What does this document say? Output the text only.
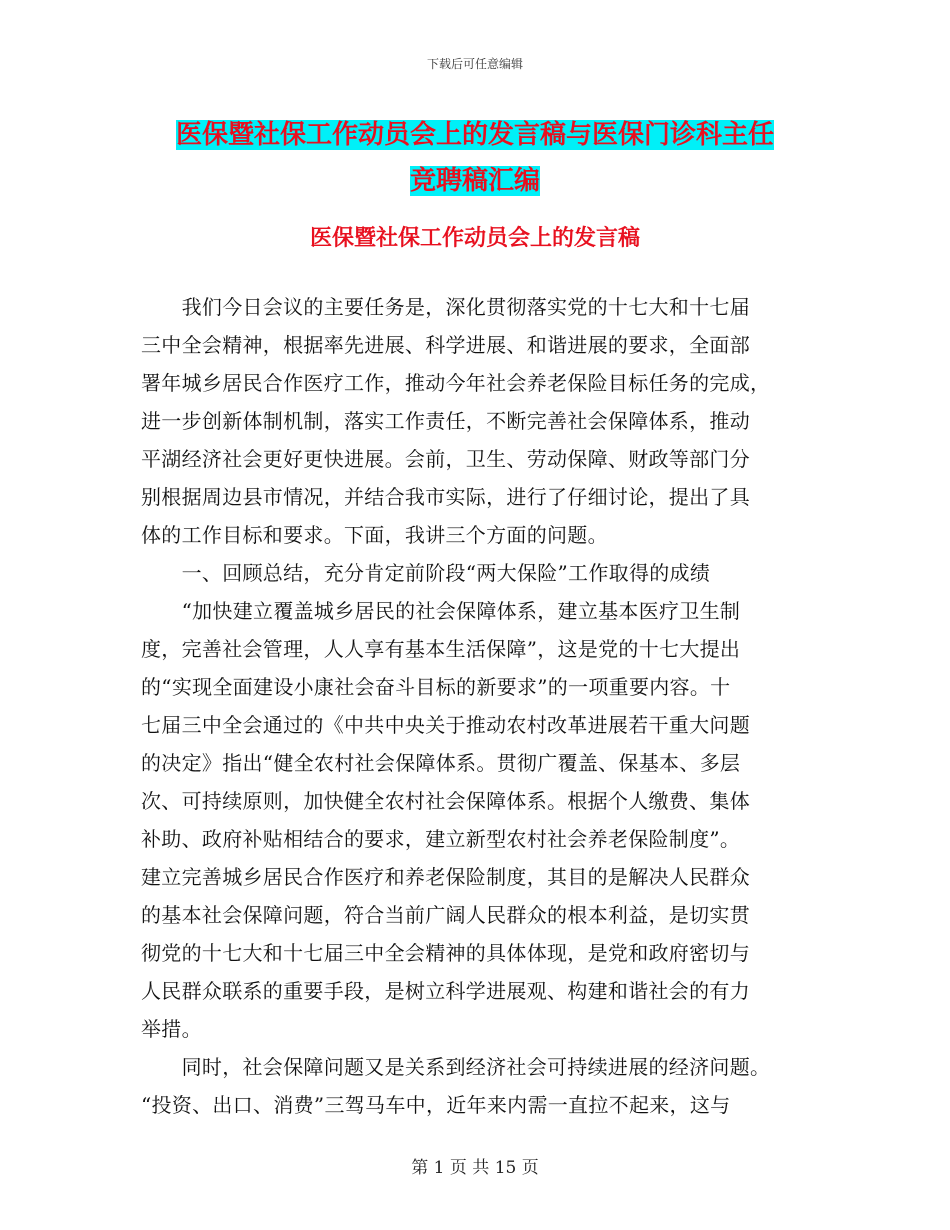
下载后可任意编辑
医保暨社保工作动员会上的发言稿与医保门诊科主任
竞聘稿汇编
医保暨社保工作动员会上的发言稿
　　我们今日会议的主要任务是，深化贯彻落实党的十七大和十七届
三中全会精神，根据率先进展、科学进展、和谐进展的要求，全面部
署年城乡居民合作医疗工作，推动今年社会养老保险目标任务的完成，
进一步创新体制机制，落实工作责任，不断完善社会保障体系，推动
平湖经济社会更好更快进展。会前，卫生、劳动保障、财政等部门分
别根据周边县市情况，并结合我市实际，进行了仔细讨论，提出了具
体的工作目标和要求。下面，我讲三个方面的问题。
　　一、回顾总结，充分肯定前阶段“两大保险”工作取得的成绩
　　“加快建立覆盖城乡居民的社会保障体系，建立基本医疗卫生制
度，完善社会管理，人人享有基本生活保障”，这是党的十七大提出
的“实现全面建设小康社会奋斗目标的新要求”的一项重要内容。十
七届三中全会通过的《中共中央关于推动农村改革进展若干重大问题
的决定》指出“健全农村社会保障体系。贯彻广覆盖、保基本、多层
次、可持续原则，加快健全农村社会保障体系。根据个人缴费、集体
补助、政府补贴相结合的要求，建立新型农村社会养老保险制度”。
建立完善城乡居民合作医疗和养老保险制度，其目的是解决人民群众
的基本社会保障问题，符合当前广阔人民群众的根本利益，是切实贯
彻党的十七大和十七届三中全会精神的具体体现，是党和政府密切与
人民群众联系的重要手段，是树立科学进展观、构建和谐社会的有力
举措。
　　同时，社会保障问题又是关系到经济社会可持续进展的经济问题。
“投资、出口、消费”三驾马车中，近年来内需一直拉不起来，这与
第 1 页 共 15 页
